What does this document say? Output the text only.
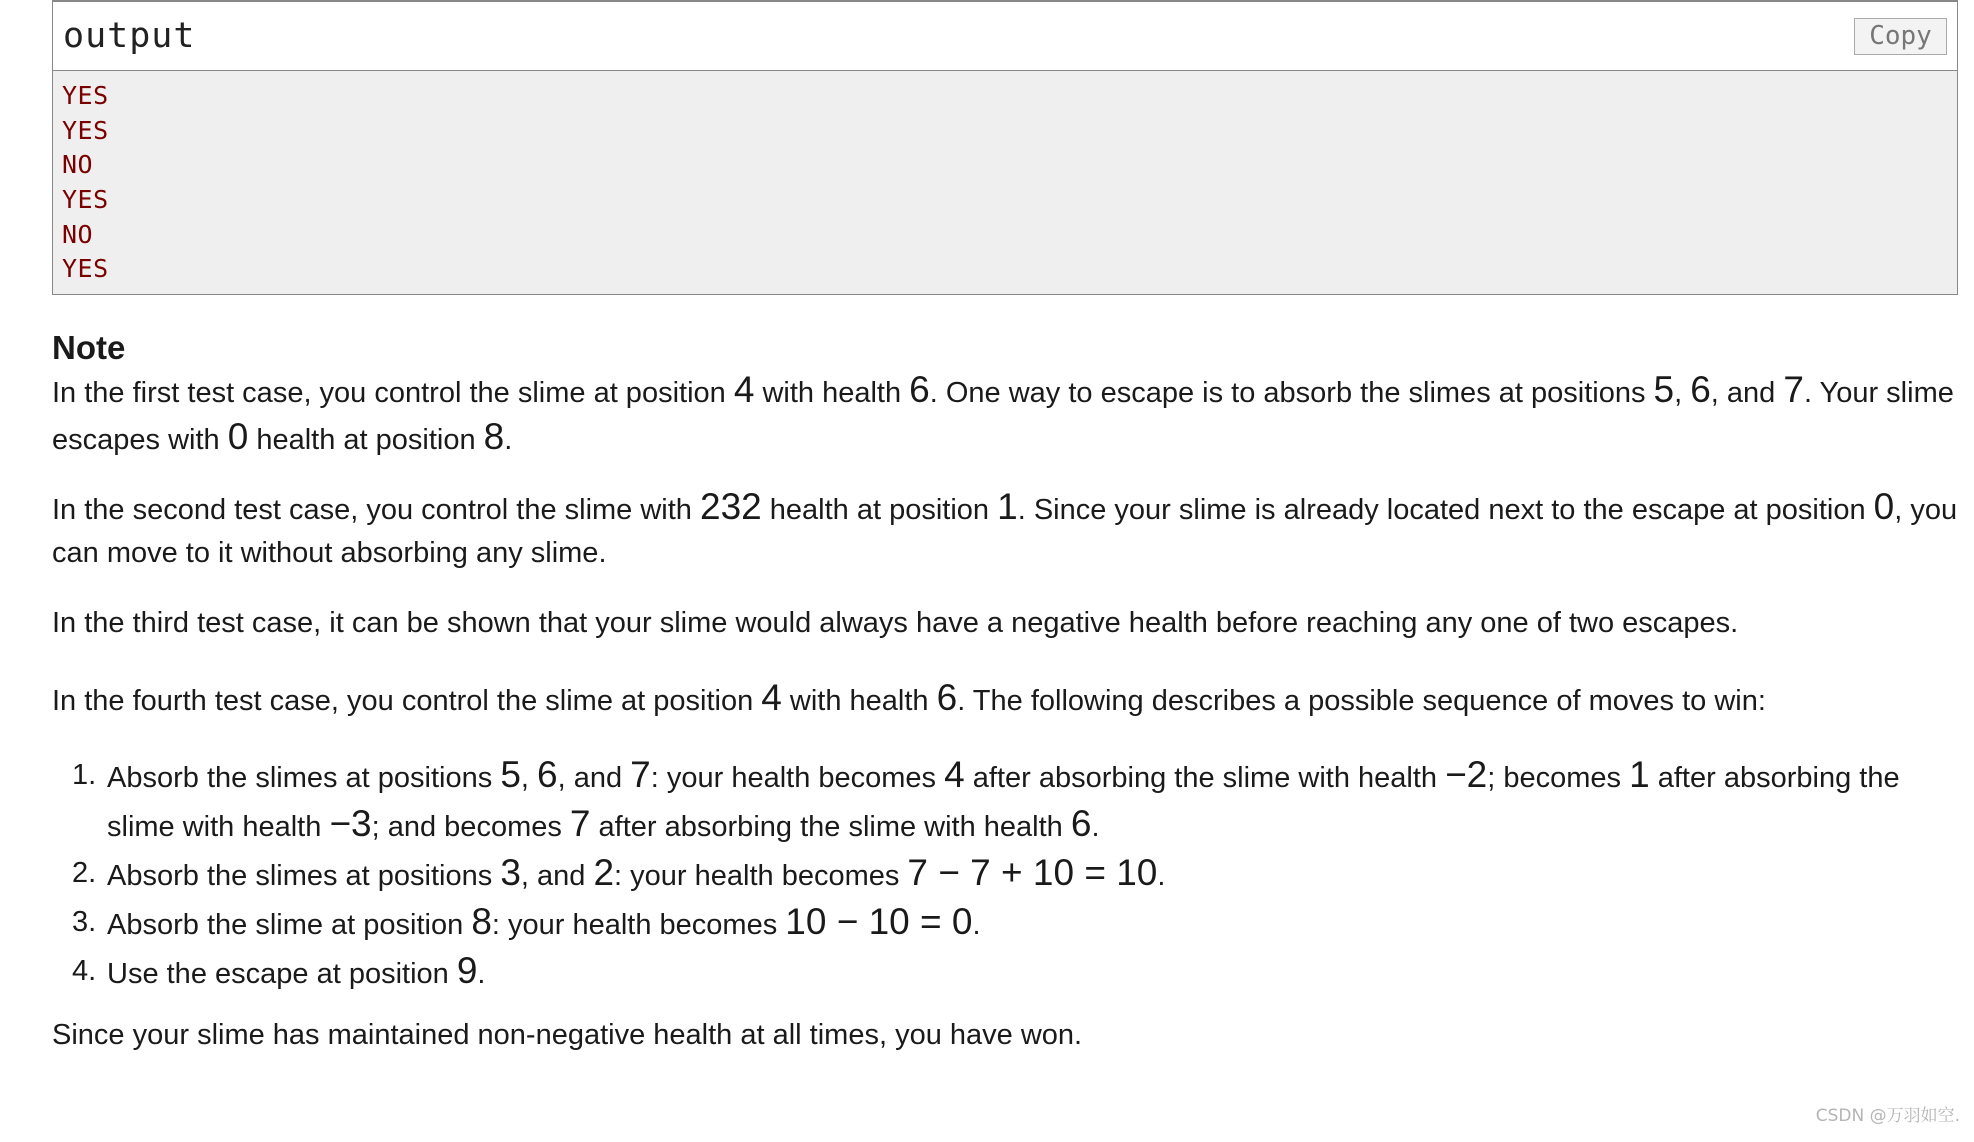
output	Copy
YES
YES
NO
YES
NO
YES
Note

In the first test case, you control the slime at position 4 with health 6. One way to escape is to absorb the slimes at positions 5, 6, and 7. Your slime escapes with 0 health at position 8.

In the second test case, you control the slime with 232 health at position 1. Since your slime is already located next to the escape at position 0, you can move to it without absorbing any slime.

In the third test case, it can be shown that your slime would always have a negative health before reaching any one of two escapes.

In the fourth test case, you control the slime at position 4 with health 6. The following describes a possible sequence of moves to win:

1. Absorb the slimes at positions 5, 6, and 7: your health becomes 4 after absorbing the slime with health −2; becomes 1 after absorbing the slime with health −3; and becomes 7 after absorbing the slime with health 6.
2. Absorb the slimes at positions 3, and 2: your health becomes 7 − 7 + 10 = 10.
3. Absorb the slime at position 8: your health becomes 10 − 10 = 0.
4. Use the escape at position 9.

Since your slime has maintained non-negative health at all times, you have won.

CSDN @万羽如空.
